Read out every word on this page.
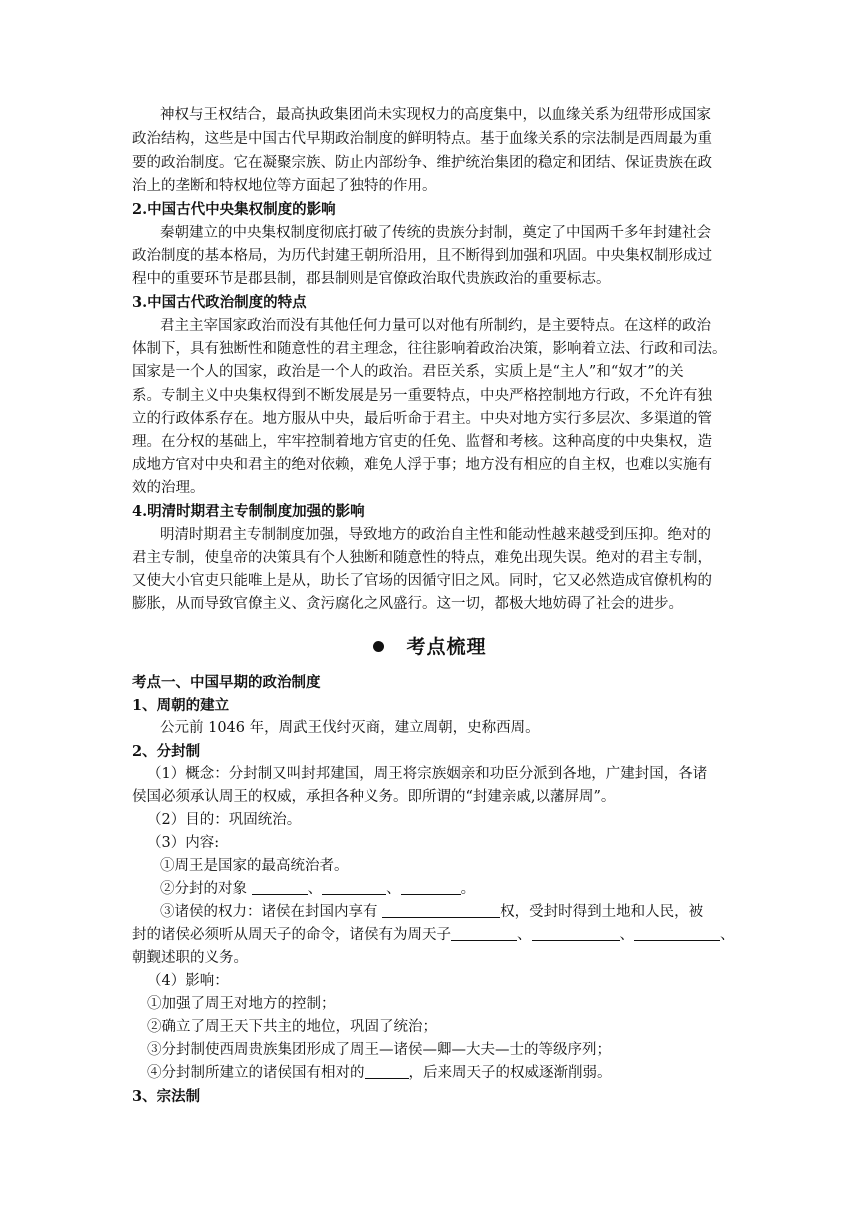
神权与王权结合，最高执政集团尚未实现权力的高度集中，以血缘关系为纽带形成国家
政治结构，这些是中国古代早期政治制度的鲜明特点。基于血缘关系的宗法制是西周最为重
要的政治制度。它在凝聚宗族、防止内部纷争、维护统治集团的稳定和团结、保证贵族在政
治上的垄断和特权地位等方面起了独特的作用。
2.中国古代中央集权制度的影响
秦朝建立的中央集权制度彻底打破了传统的贵族分封制，奠定了中国两千多年封建社会
政治制度的基本格局，为历代封建王朝所沿用，且不断得到加强和巩固。中央集权制形成过
程中的重要环节是郡县制，郡县制则是官僚政治取代贵族政治的重要标志。
3.中国古代政治制度的特点
君主主宰国家政治而没有其他任何力量可以对他有所制约，是主要特点。在这样的政治
体制下，具有独断性和随意性的君主理念，往往影响着政治决策，影响着立法、行政和司法。
国家是一个人的国家，政治是一个人的政治。君臣关系，实质上是“主人”和“奴才”的关
系。专制主义中央集权得到不断发展是另一重要特点，中央严格控制地方行政，不允许有独
立的行政体系存在。地方服从中央，最后听命于君主。中央对地方实行多层次、多渠道的管
理。在分权的基础上，牢牢控制着地方官吏的任免、监督和考核。这种高度的中央集权，造
成地方官对中央和君主的绝对依赖，难免人浮于事；地方没有相应的自主权，也难以实施有
效的治理。
4.明清时期君主专制制度加强的影响
明清时期君主专制制度加强，导致地方的政治自主性和能动性越来越受到压抑。绝对的
君主专制，使皇帝的决策具有个人独断和随意性的特点，难免出现失误。绝对的君主专制，
又使大小官吏只能唯上是从，助长了官场的因循守旧之风。同时，它又必然造成官僚机构的
膨胀，从而导致官僚主义、贪污腐化之风盛行。这一切，都极大地妨碍了社会的进步。
考点梳理
考点一、中国早期的政治制度
1、周朝的建立
公元前 1046 年，周武王伐纣灭商，建立周朝，史称西周。
2、分封制
（1）概念：分封制又叫封邦建国，周王将宗族姻亲和功臣分派到各地，广建封国，各诸
侯国必须承认周王的权威，承担各种义务。即所谓的“封建亲戚,以藩屏周”。
（2）目的：巩固统治。
（3）内容:
①周王是国家的最高统治者。
②分封的对象	、	、	。
③诸侯的权力：诸侯在封国内享有	权，受封时得到土地和人民，被
封的诸侯必须听从周天子的命令，诸侯有为周天子	、	、	、
朝觐述职的义务。
（4）影响：
①加强了周王对地方的控制；
②确立了周王天下共主的地位，巩固了统治；
③分封制使西周贵族集团形成了周王—诸侯—卿—大夫—士的等级序列；
④分封制所建立的诸侯国有相对的	，后来周天子的权威逐渐削弱。
3、宗法制
